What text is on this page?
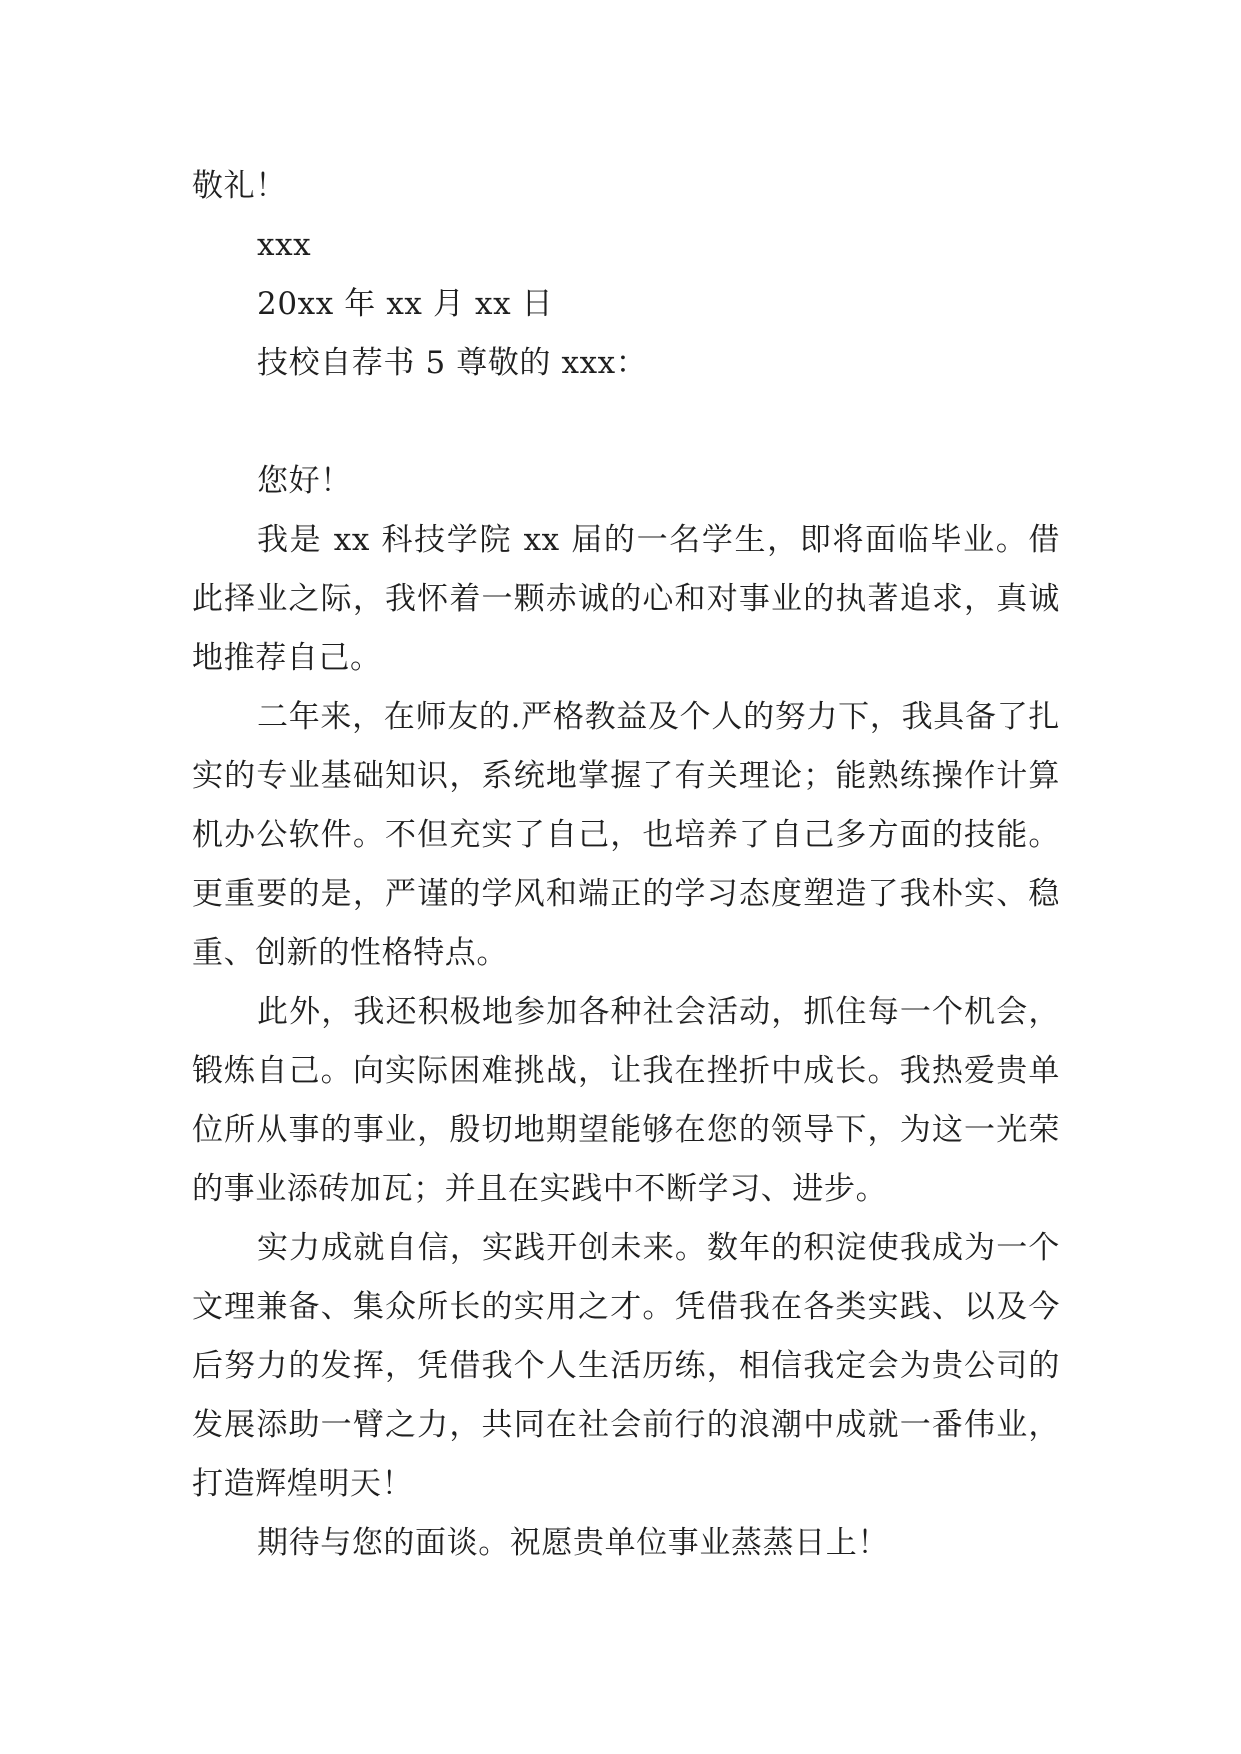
敬礼！
xxx
20xx 年 xx 月 xx 日
技校自荐书 5 尊敬的 xxx：
您好！

我是 xx 科技学院 xx 届的一名学生，即将面临毕业。借此择业之际，我怀着一颗赤诚的心和对事业的执著追求，真诚地推荐自己。

二年来，在师友的.严格教益及个人的努力下，我具备了扎实的专业基础知识，系统地掌握了有关理论；能熟练操作计算机办公软件。不但充实了自己，也培养了自己多方面的技能。更重要的是，严谨的学风和端正的学习态度塑造了我朴实、稳重、创新的性格特点。

此外，我还积极地参加各种社会活动，抓住每一个机会，锻炼自己。向实际困难挑战，让我在挫折中成长。我热爱贵单位所从事的事业，殷切地期望能够在您的领导下，为这一光荣的事业添砖加瓦；并且在实践中不断学习、进步。

实力成就自信，实践开创未来。数年的积淀使我成为一个文理兼备、集众所长的实用之才。凭借我在各类实践、以及今后努力的发挥，凭借我个人生活历练，相信我定会为贵公司的发展添助一臂之力，共同在社会前行的浪潮中成就一番伟业，打造辉煌明天！

期待与您的面谈。祝愿贵单位事业蒸蒸日上！
